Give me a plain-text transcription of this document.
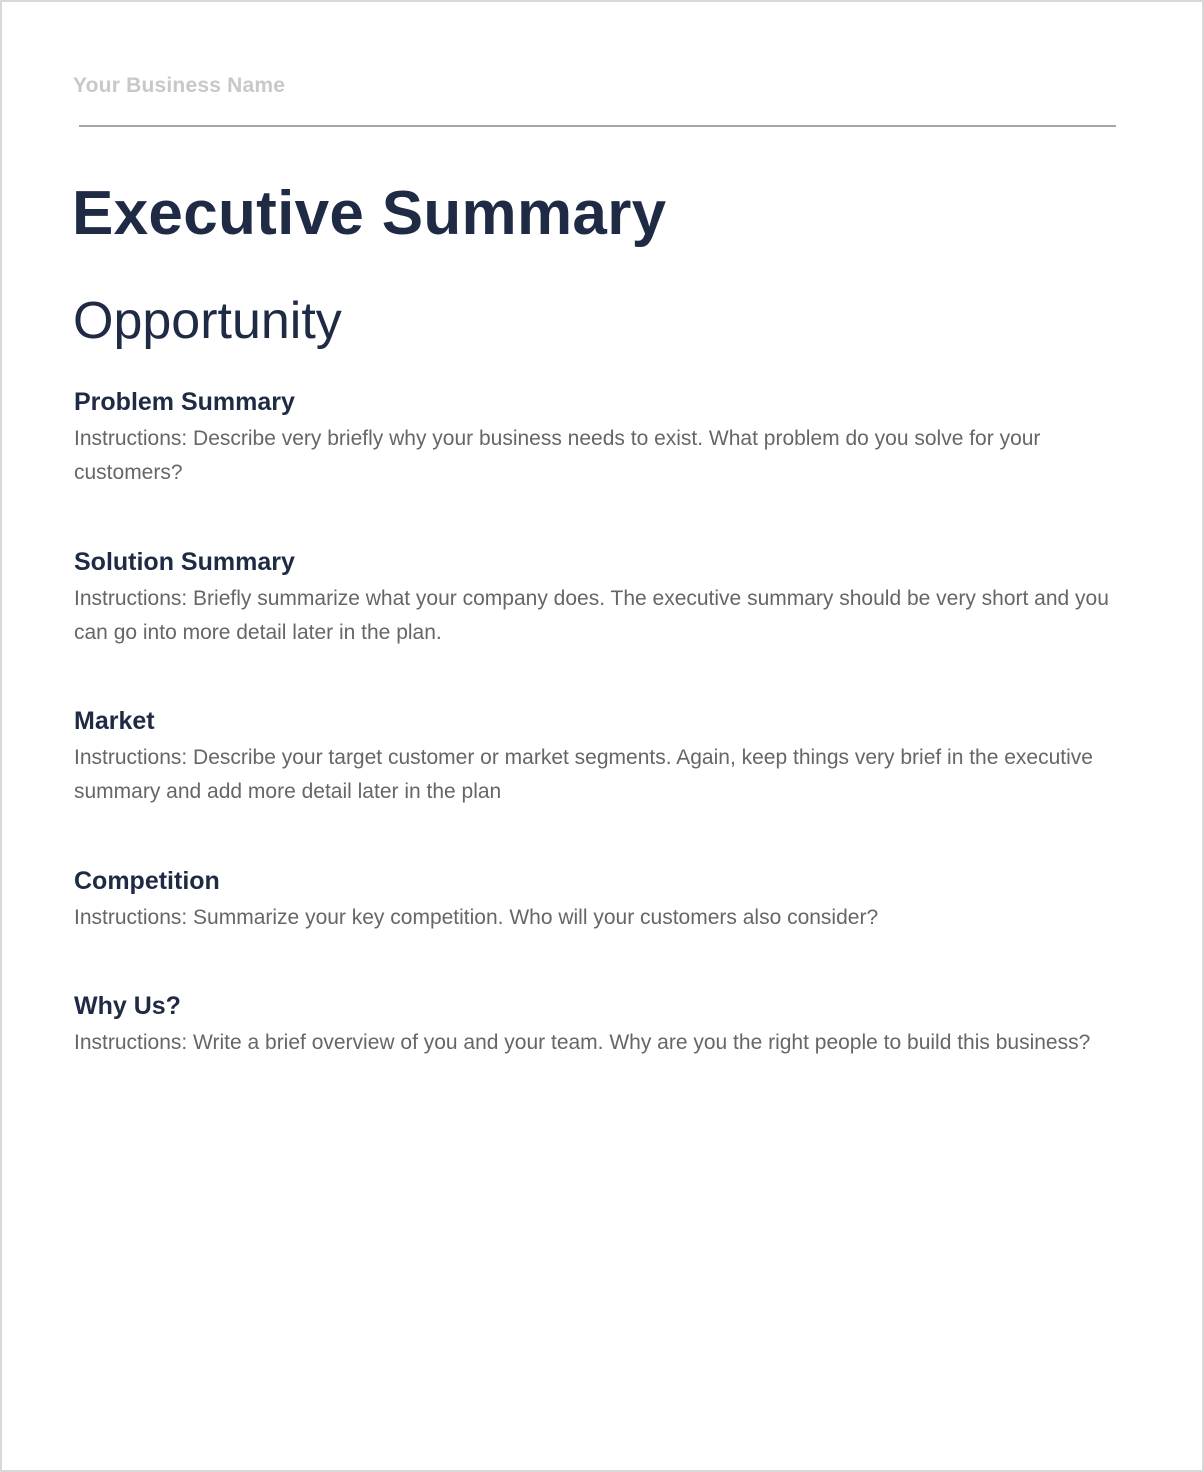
Your Business Name
Executive Summary
Opportunity
Problem Summary

Instructions: Describe very briefly why your business needs to exist. What problem do you solve for your customers?

Solution Summary

Instructions: Briefly summarize what your company does. The executive summary should be very short and you can go into more detail later in the plan.

Market

Instructions: Describe your target customer or market segments. Again, keep things very brief in the executive summary and add more detail later in the plan

Competition

Instructions: Summarize your key competition. Who will your customers also consider?

Why Us?

Instructions: Write a brief overview of you and your team. Why are you the right people to build this business?
